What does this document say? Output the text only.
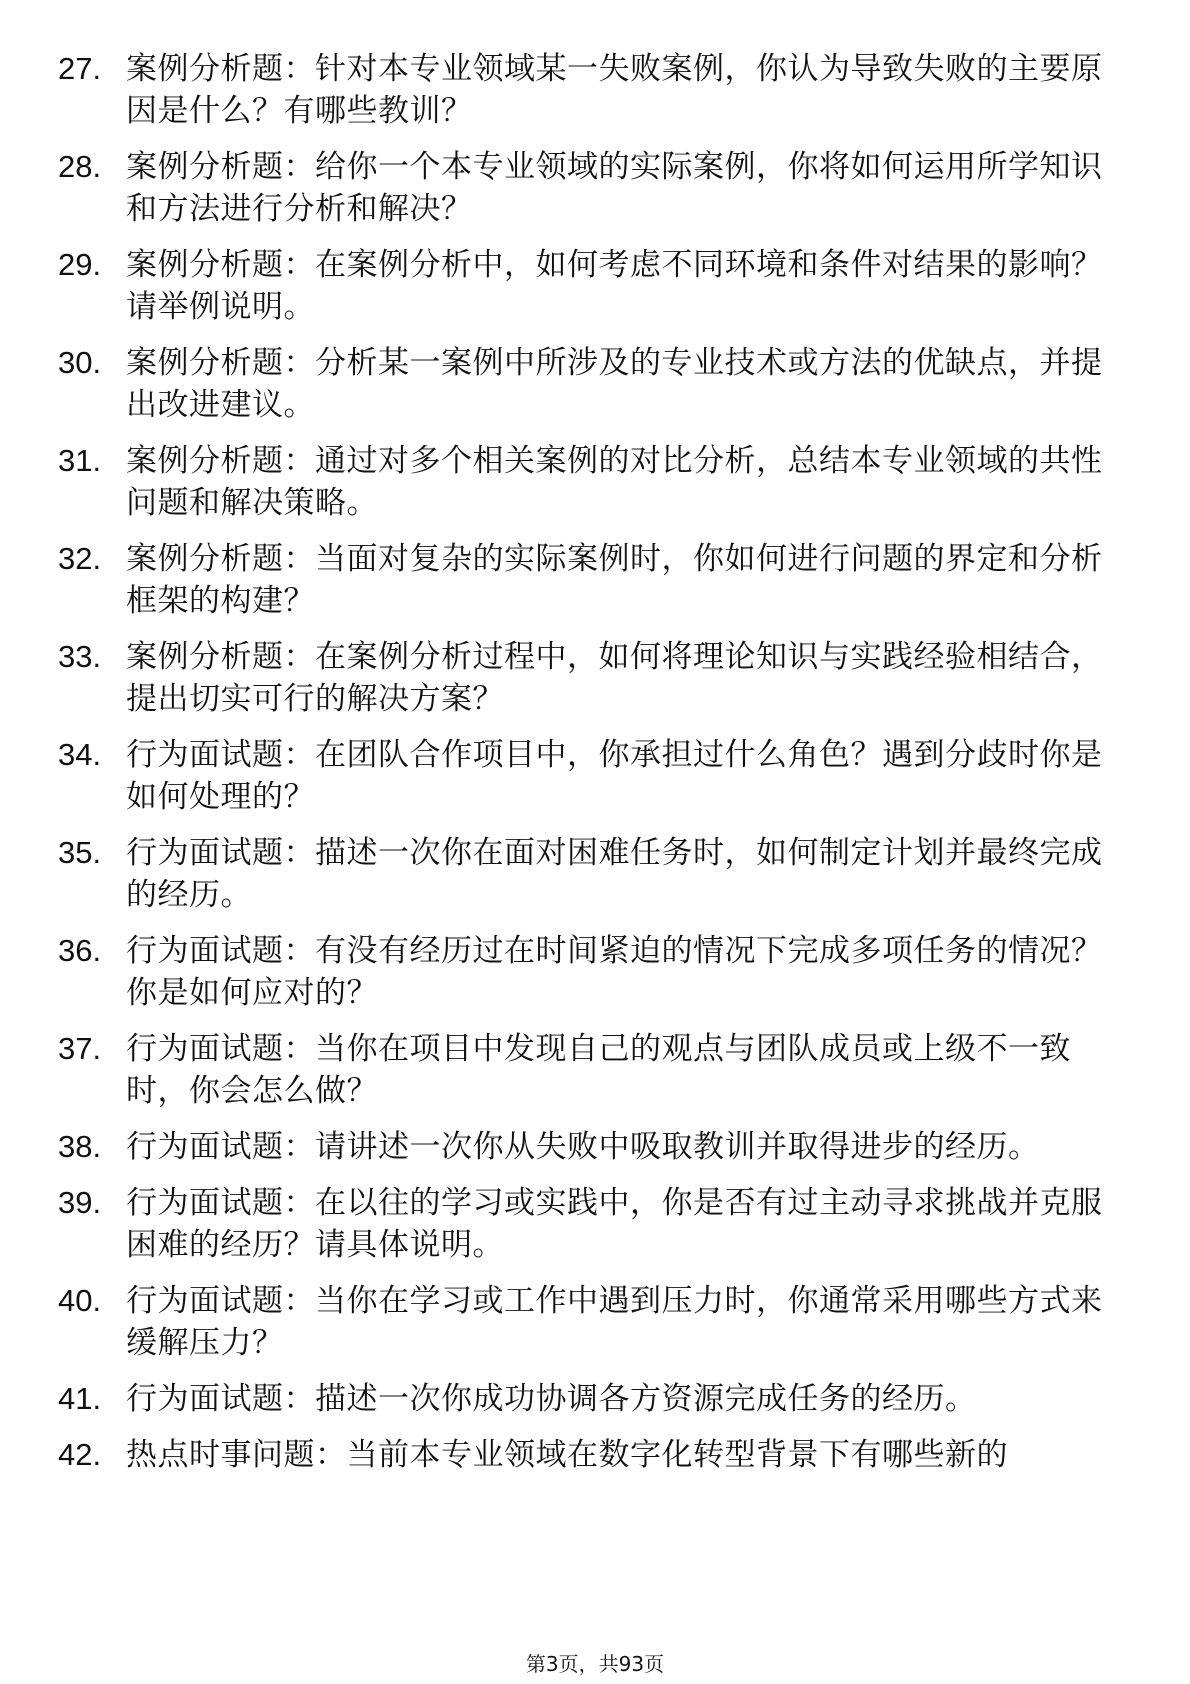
27. 案例分析题：针对本专业领域某一失败案例，你认为导致失败的主要原因是什么？有哪些教训？
28. 案例分析题：给你一个本专业领域的实际案例，你将如何运用所学知识和方法进行分析和解决？
29. 案例分析题：在案例分析中，如何考虑不同环境和条件对结果的影响？请举例说明。
30. 案例分析题：分析某一案例中所涉及的专业技术或方法的优缺点，并提出改进建议。
31. 案例分析题：通过对多个相关案例的对比分析，总结本专业领域的共性问题和解决策略。
32. 案例分析题：当面对复杂的实际案例时，你如何进行问题的界定和分析框架的构建？
33. 案例分析题：在案例分析过程中，如何将理论知识与实践经验相结合，提出切实可行的解决方案？
34. 行为面试题：在团队合作项目中，你承担过什么角色？遇到分歧时你是如何处理的？
35. 行为面试题：描述一次你在面对困难任务时，如何制定计划并最终完成的经历。
36. 行为面试题：有没有经历过在时间紧迫的情况下完成多项任务的情况？你是如何应对的？
37. 行为面试题：当你在项目中发现自己的观点与团队成员或上级不一致时，你会怎么做？
38. 行为面试题：请讲述一次你从失败中吸取教训并取得进步的经历。
39. 行为面试题：在以往的学习或实践中，你是否有过主动寻求挑战并克服困难的经历？请具体说明。
40. 行为面试题：当你在学习或工作中遇到压力时，你通常采用哪些方式来缓解压力？
41. 行为面试题：描述一次你成功协调各方资源完成任务的经历。
42. 热点时事问题：当前本专业领域在数字化转型背景下有哪些新的
第3页，共93页
